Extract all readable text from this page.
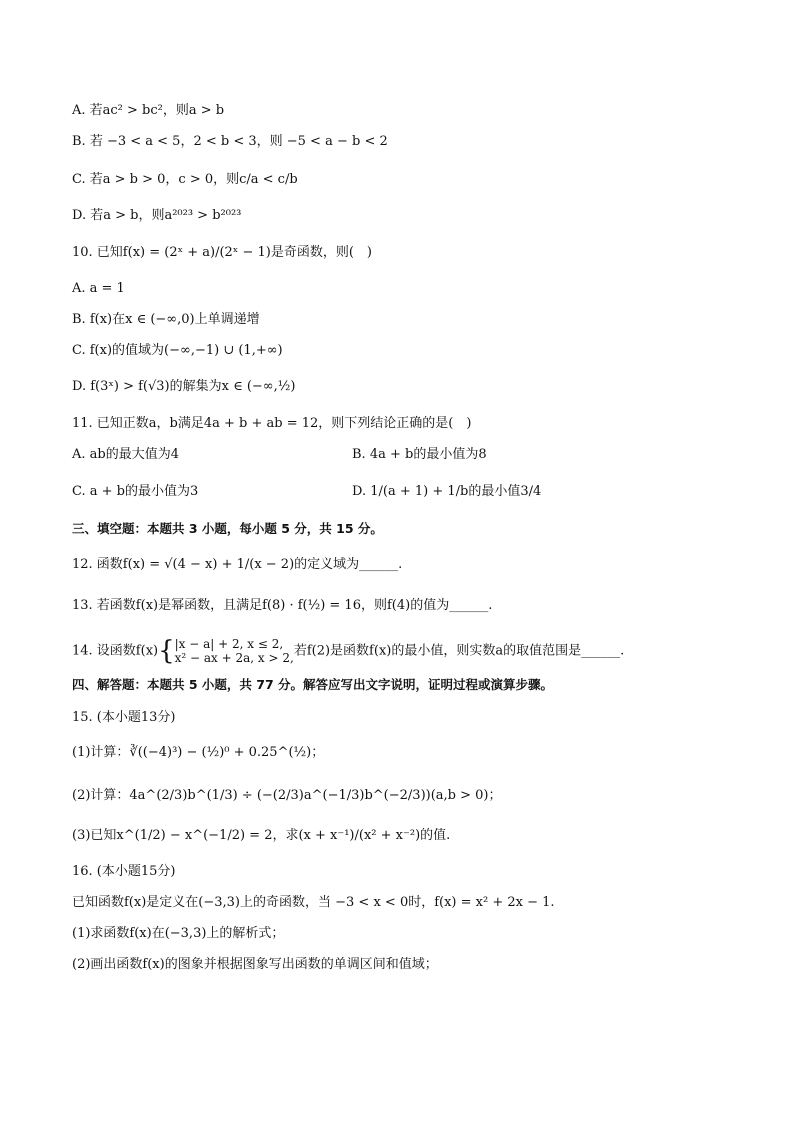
A. 若ac² > bc²，则a > b
B. 若 −3 < a < 5，2 < b < 3，则 −5 < a − b < 2
C. 若a > b > 0，c > 0，则c/a < c/b
D. 若a > b，则a²⁰²³ > b²⁰²³
10. 已知f(x) = (2ˣ + a)/(2ˣ − 1)是奇函数，则(　)
A. a = 1
B. f(x)在x ∈ (−∞,0)上单调递增
C. f(x)的值域为(−∞,−1) ∪ (1,+∞)
D. f(3ˣ) > f(√3)的解集为x ∈ (−∞,½)
11. 已知正数a，b满足4a + b + ab = 12，则下列结论正确的是(　)
A. ab的最大值为4	B. 4a + b的最小值为8
C. a + b的最小值为3	D. 1/(a + 1) + 1/b的最小值3/4
三、填空题：本题共 3 小题，每小题 5 分，共 15 分。
12. 函数f(x) = √(4 − x) + 1/(x − 2)的定义域为______.
13. 若函数f(x)是幂函数，且满足f(8) · f(½) = 16，则f(4)的值为______.
14. 设函数f(x){ |x − a| + 2, x ≤ 2,
x² − ax + 2a, x > 2, 若f(2)是函数f(x)的最小值，则实数a的取值范围是______.
四、解答题：本题共 5 小题，共 77 分。解答应写出文字说明，证明过程或演算步骤。
15. (本小题13分)
(1)计算：∛((−4)³) − (½)⁰ + 0.25^(½)；
(2)计算：4a^(2/3)b^(1/3) ÷ (−(2/3)a^(−1/3)b^(−2/3))(a,b > 0)；
(3)已知x^(1/2) − x^(−1/2) = 2，求(x + x⁻¹)/(x² + x⁻²)的值.
16. (本小题15分)
已知函数f(x)是定义在(−3,3)上的奇函数，当 −3 < x < 0时，f(x) = x² + 2x − 1.
(1)求函数f(x)在(−3,3)上的解析式；
(2)画出函数f(x)的图象并根据图象写出函数的单调区间和值域；
